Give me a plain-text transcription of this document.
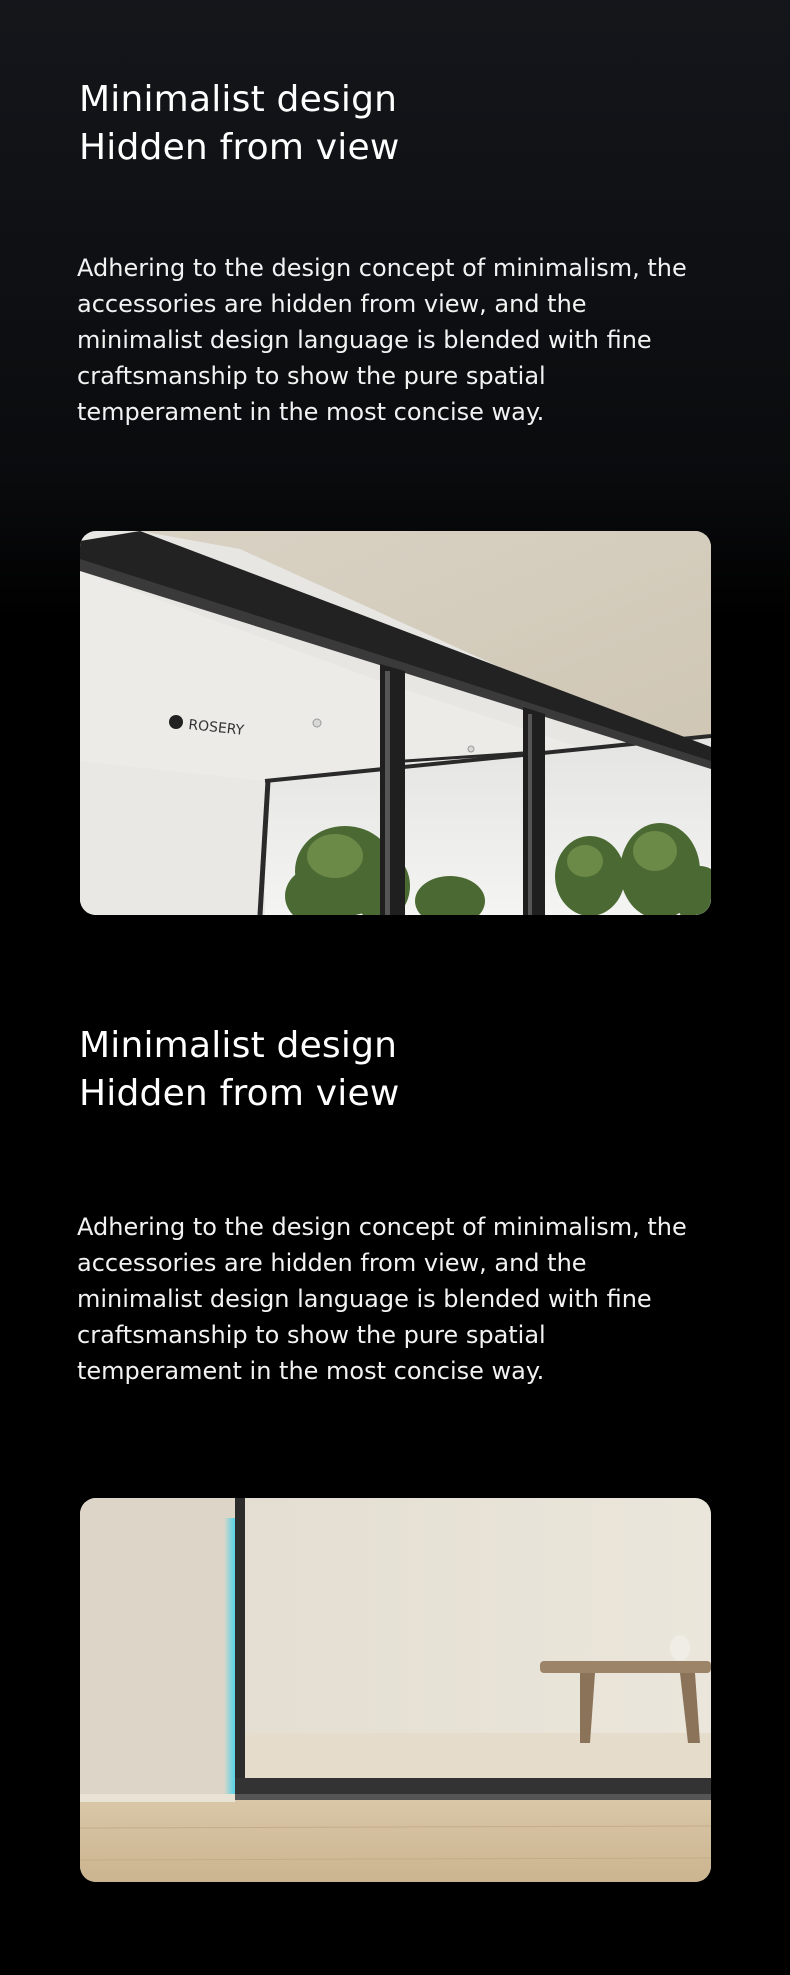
Minimalist design
Hidden from view

Adhering to the design concept of minimalism, the
accessories are hidden from view, and the
minimalist design language is blended with fine
craftsmanship to show the pure spatial
temperament in the most concise way.

ROSERY
Minimalist design
Hidden from view

Adhering to the design concept of minimalism, the
accessories are hidden from view, and the
minimalist design language is blended with fine
craftsmanship to show the pure spatial
temperament in the most concise way.
